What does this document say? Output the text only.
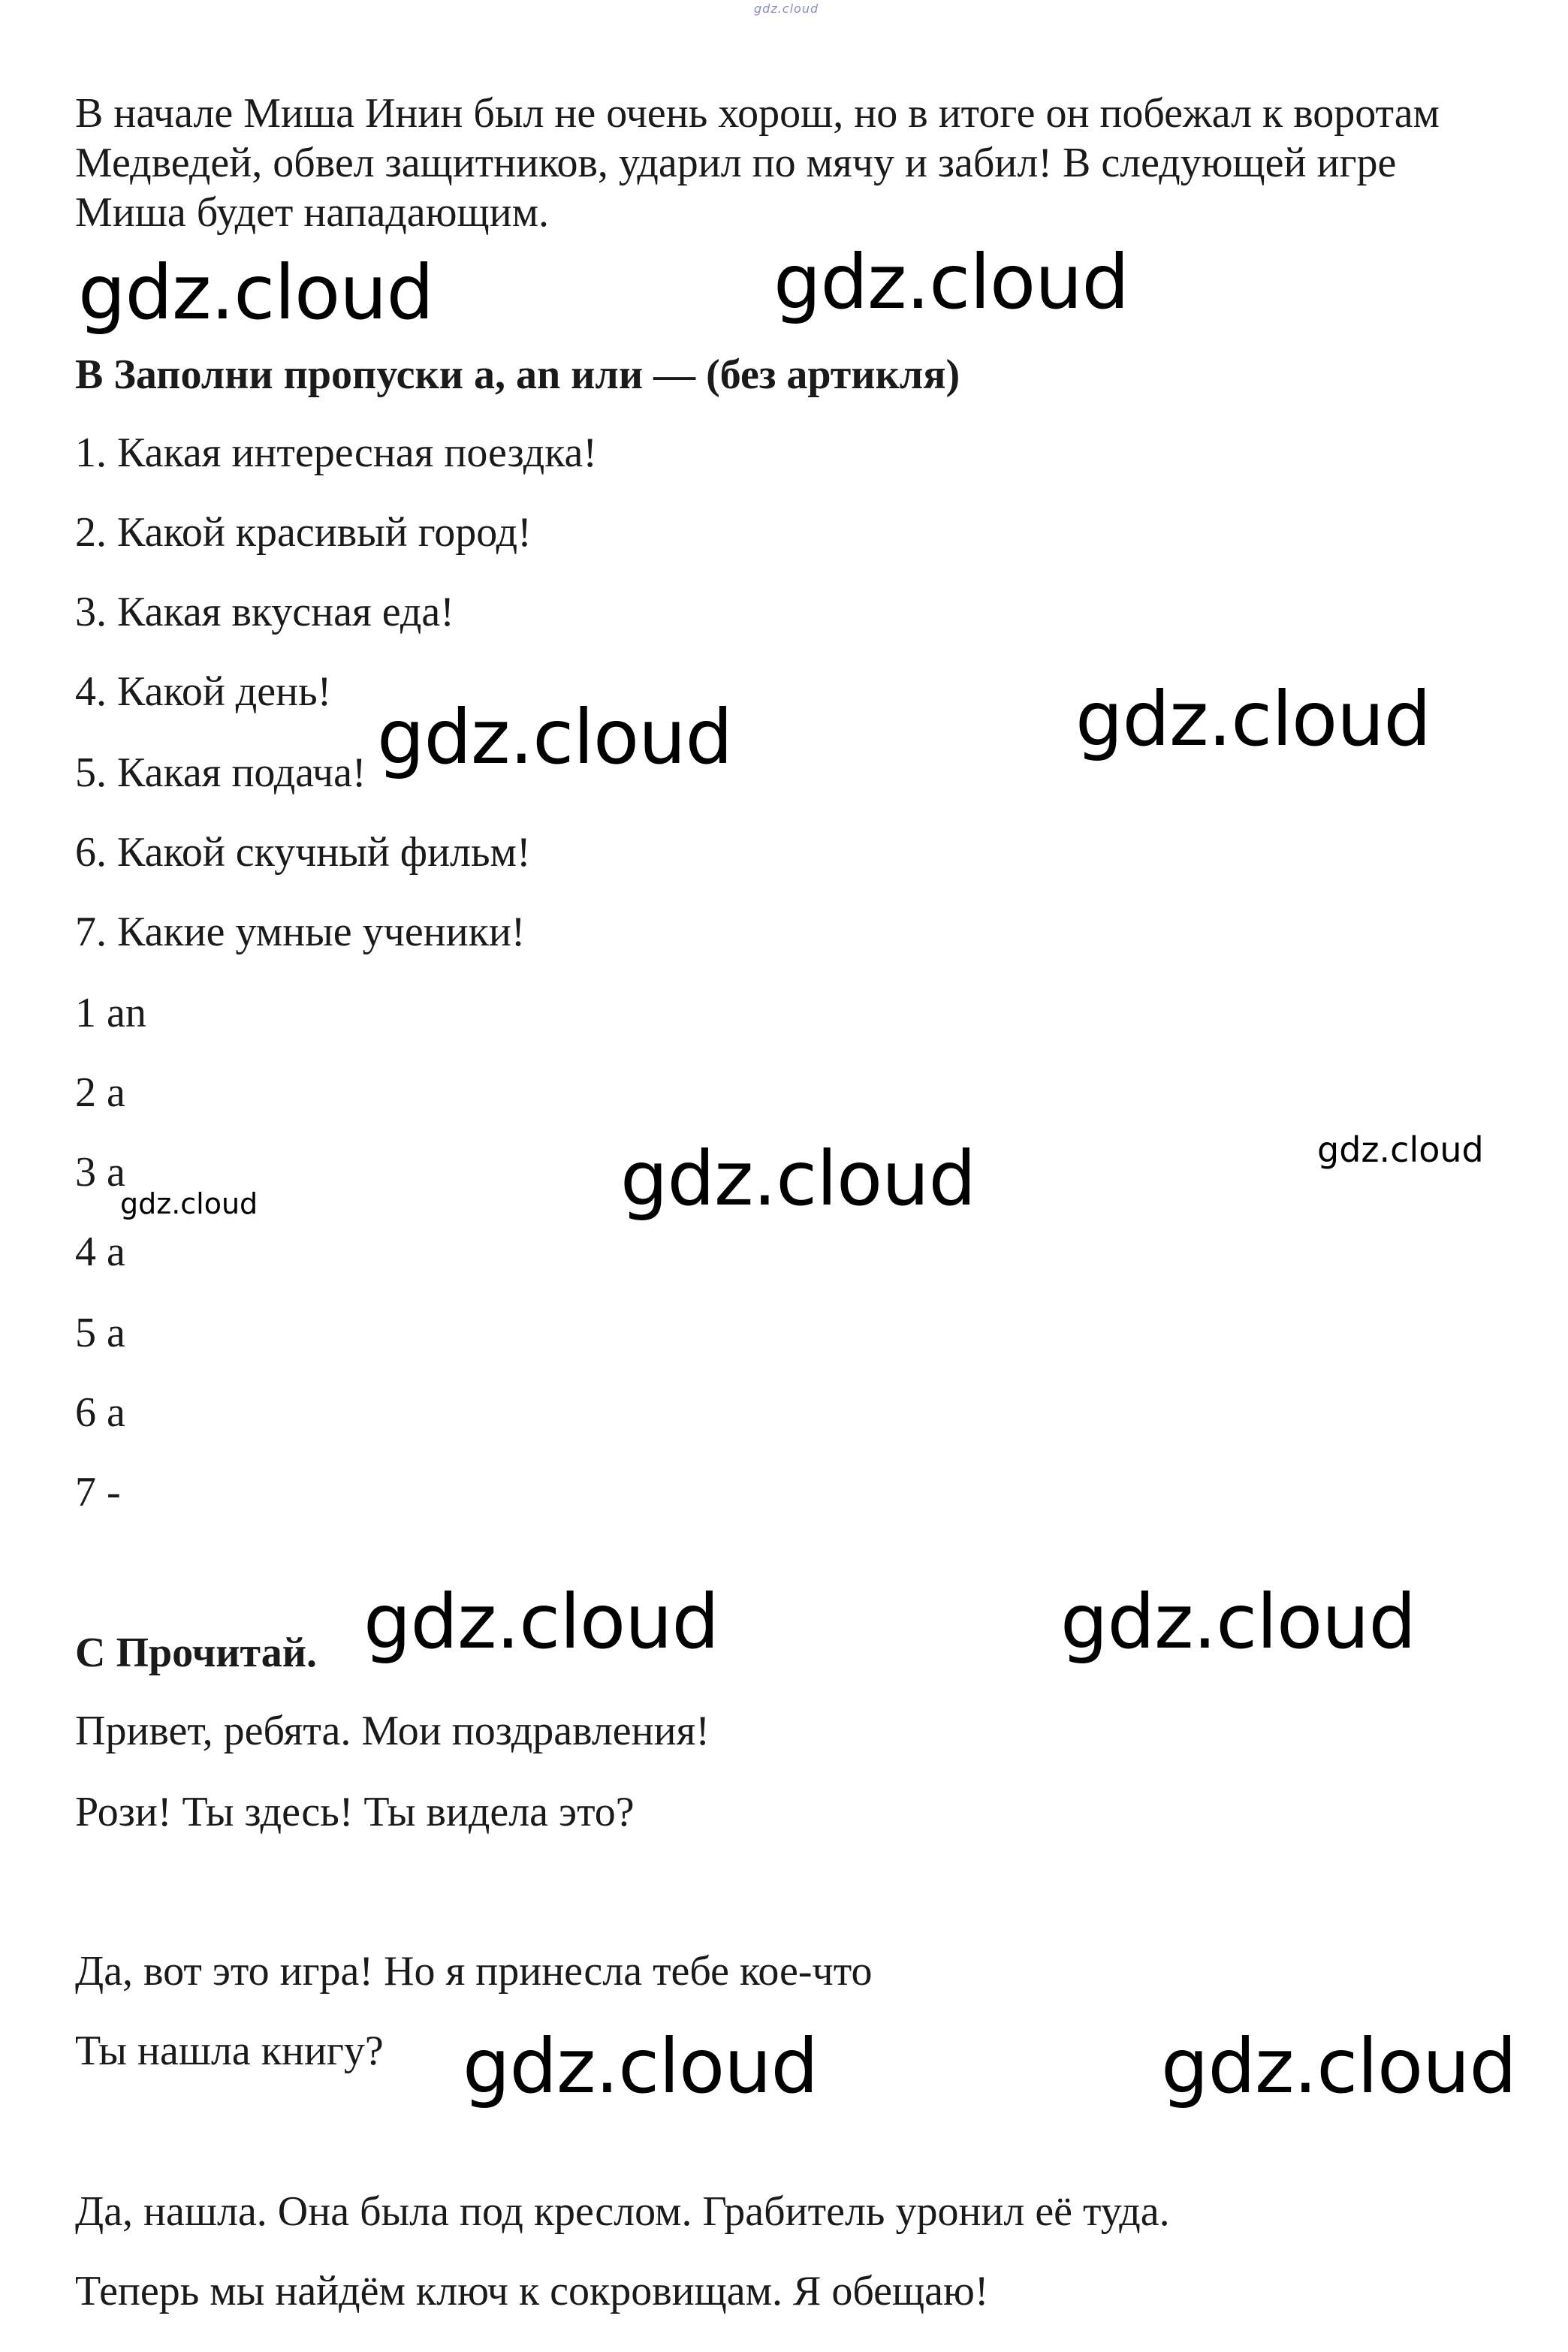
gdz.cloud

В начале Миша Инин был не очень хорош, но в итоге он побежал к воротам Медведей, обвел защитников, ударил по мячу и забил! В следующей игре Миша будет нападающим.

В Заполни пропуски a, an или — (без артикля)

1. Какая интересная поездка!

2. Какой красивый город!

3. Какая вкусная еда!

4. Какой день!

5. Какая подача!

6. Какой скучный фильм!

7. Какие умные ученики!

1 an

2 a

3 a

4 a

5 a

6 a

7 -

С Прочитай.

Привет, ребята. Мои поздравления!

Рози! Ты здесь! Ты видела это?

Да, вот это игра! Но я принесла тебе кое-что

Ты нашла книгу?

Да, нашла. Она была под креслом. Грабитель уронил её туда.

Теперь мы найдём ключ к сокровищам. Я обещаю!

gdz.cloud	gdz.cloud
gdz.cloud	gdz.cloud
gdz.cloud	gdz.cloud
gdz.cloud
gdz.cloud	gdz.cloud
gdz.cloud	gdz.cloud
